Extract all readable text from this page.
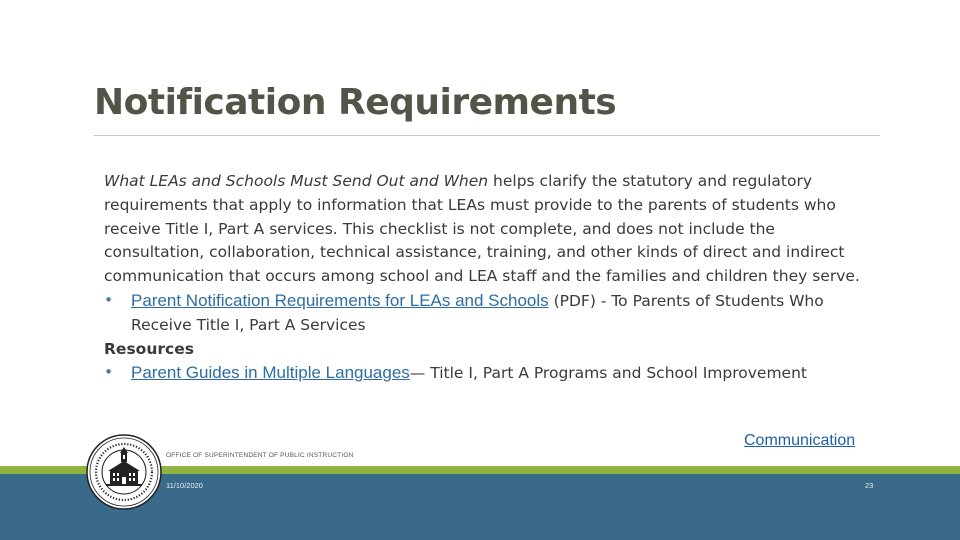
Notification Requirements

What LEAs and Schools Must Send Out and When helps clarify the statutory and regulatory requirements that apply to information that LEAs must provide to the parents of students who receive Title I, Part A services. This checklist is not complete, and does not include the consultation, collaboration, technical assistance, training, and other kinds of direct and indirect communication that occurs among school and LEA staff and the families and children they serve.

• Parent Notification Requirements for LEAs and Schools (PDF) - To Parents of Students Who Receive Title I, Part A Services

Resources

• Parent Guides in Multiple Languages— Title I, Part A Programs and School Improvement

Communication
OFFICE OF SUPERINTENDENT OF PUBLIC INSTRUCTION
11/10/2020	23
